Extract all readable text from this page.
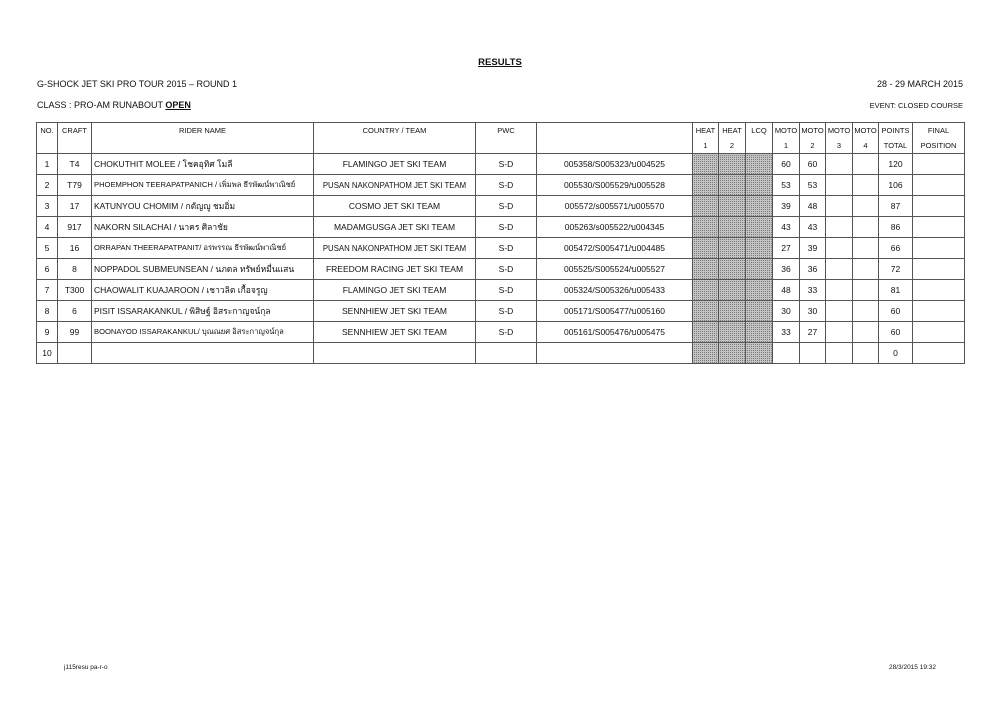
RESULTS
G-SHOCK JET SKI PRO TOUR 2015 – ROUND 1	28 - 29 MARCH 2015
CLASS : PRO-AM RUNABOUT OPEN	EVENT: CLOSED COURSE
NO.	CRAFT	RIDER NAME	COUNTRY / TEAM	PWC		HEAT	HEAT	LCQ	MOTO	MOTO	MOTO	MOTO	POINTS	FINAL
						1	2		1	2	3	4	TOTAL	POSITION
1	T4	CHOKUTHIT MOLEE / โชคอุทิศ โมลี	FLAMINGO JET SKI TEAM	S-D	005358/S005323/บ004525				60	60			120	
2	T79	PHOEMPHON TEERAPATPANICH / เพิ่มพล ธีรพัฒน์พาณิชย์	PUSAN NAKONPATHOM JET SKI TEAM	S-D	005530/S005529/บ005528				53	53			106	
3	17	KATUNYOU CHOMIM / กตัญญู ชมอิ่ม	COSMO JET SKI TEAM	S-D	005572/s005571/บ005570				39	48			87	
4	917	NAKORN SILACHAI / นาคร ศิลาชัย	MADAMGUSGA JET SKI TEAM	S-D	005263/s005522/บ004345				43	43			86	
5	16	ORRAPAN THEERAPATPANIT/ อรพรรณ ธีรพัฒน์พาณิชย์	PUSAN NAKONPATHOM JET SKI TEAM	S-D	005472/S005471/บ004485				27	39			66	
6	8	NOPPADOL SUBMEUNSEAN / นภดล ทรัพย์หมื่นแสน	FREEDOM RACING JET SKI TEAM	S-D	005525/S005524/บ005527				36	36			72	
7	T300	CHAOWALIT KUAJAROON / เชาวลิต เกื้อจรูญ	FLAMINGO JET SKI TEAM	S-D	005324/S005326/บ005433				48	33			81	
8	6	PISIT ISSARAKANKUL / พิสิษฐ์ อิสระกาญจน์กุล	SENNHIEW JET SKI TEAM	S-D	005171/S005477/บ005160				30	30			60	
9	99	BOONAYOD ISSARAKANKUL/ บุณณยศ อิสระกาญจน์กุล	SENNHIEW JET SKI TEAM	S-D	005161/S005476/บ005475				33	27			60	
10													0	
j115resu pa-r-o	28/3/2015 19:32
